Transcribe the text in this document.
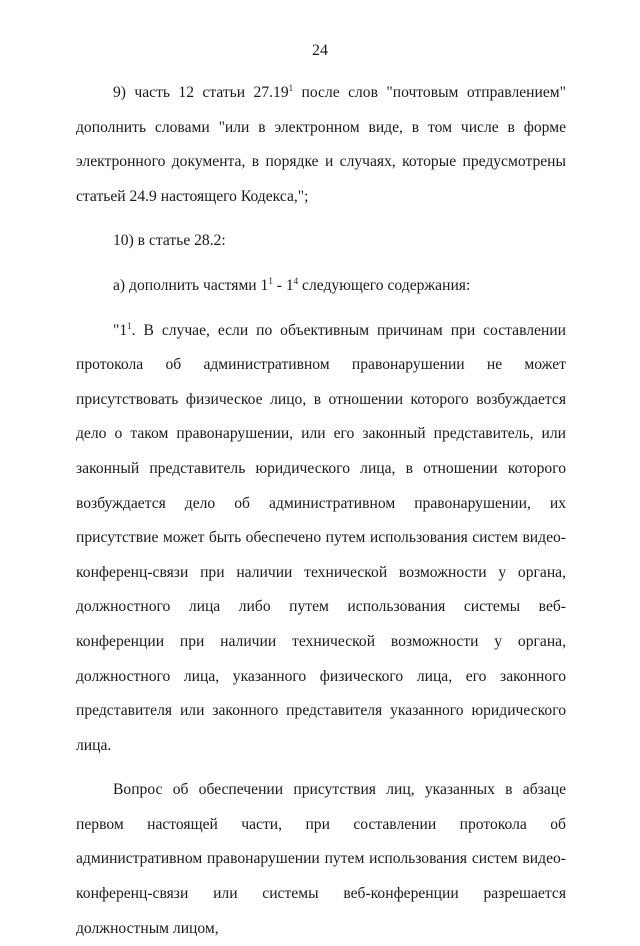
24

9) часть 12 статьи 27.19$^1$ после слов "почтовым отправлением" дополнить словами "или в электронном виде, в том числе в форме электронного документа, в порядке и случаях, которые предусмотрены статьей 24.9 настоящего Кодекса,";

10) в статье 28.2:

а) дополнить частями $1^1 - 1^4$ следующего содержания:

"$1^1$. В случае, если по объективным причинам при составлении протокола об административном правонарушении не может присутствовать физическое лицо, в отношении которого возбуждается дело о таком правонарушении, или его законный представитель, или законный представитель юридического лица, в отношении которого возбуждается дело об административном правонарушении, их присутствие может быть обеспечено путем использования систем видео-конференц-связи при наличии технической возможности у органа, должностного лица либо путем использования системы веб-конференции при наличии технической возможности у органа, должностного лица, указанного физического лица, его законного представителя или законного представителя указанного юридического лица.

Вопрос об обеспечении присутствия лиц, указанных в абзаце первом настоящей части, при составлении протокола об административном правонарушении путем использования систем видео-конференц-связи или системы веб-конференции разрешается должностным лицом,
